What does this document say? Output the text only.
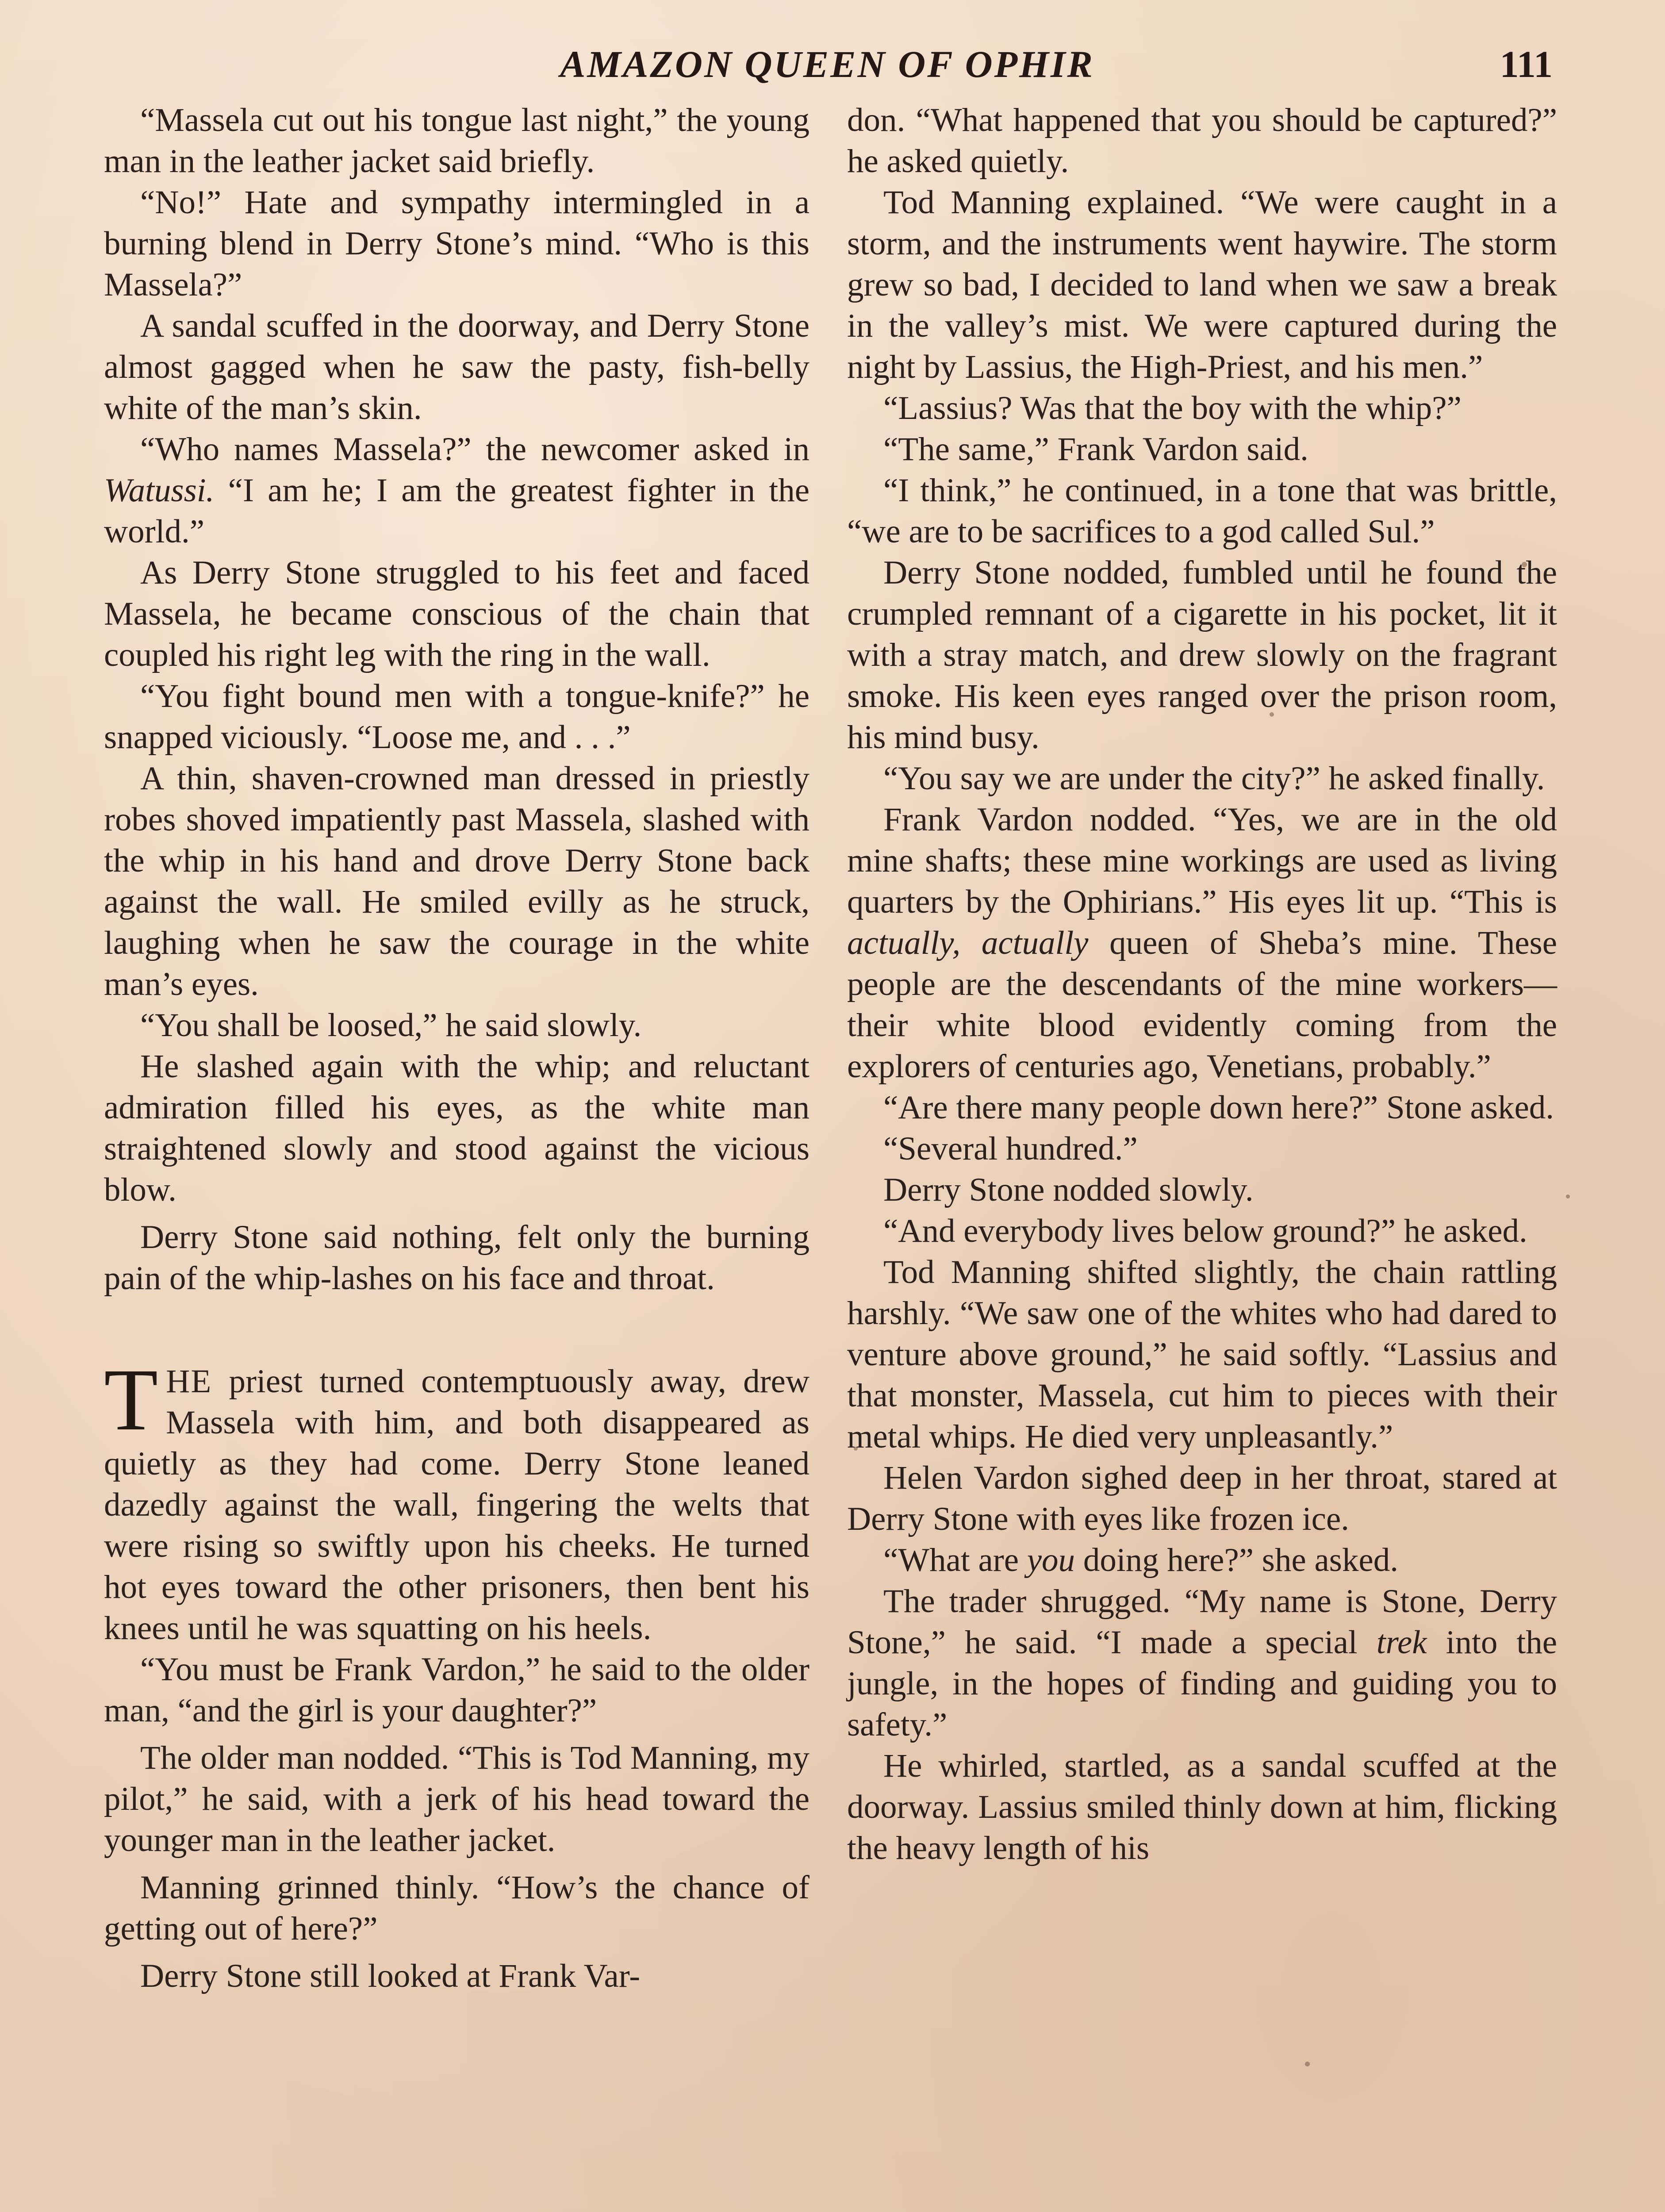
AMAZON QUEEN OF OPHIR	111

“Massela cut out his tongue last night,” the young man in the leather jacket said briefly.

“No!” Hate and sympathy intermingled in a burning blend in Derry Stone’s mind. “Who is this Massela?”

A sandal scuffed in the doorway, and Derry Stone almost gagged when he saw the pasty, fish-belly white of the man’s skin.

“Who names Massela?” the newcomer asked in Watussi. “I am he; I am the greatest fighter in the world.”

As Derry Stone struggled to his feet and faced Massela, he became conscious of the chain that coupled his right leg with the ring in the wall.

“You fight bound men with a tongue-knife?” he snapped viciously. “Loose me, and . . .”

A thin, shaven-crowned man dressed in priestly robes shoved impatiently past Massela, slashed with the whip in his hand and drove Derry Stone back against the wall. He smiled evilly as he struck, laughing when he saw the courage in the white man’s eyes.

“You shall be loosed,” he said slowly.

He slashed again with the whip; and reluctant admiration filled his eyes, as the white man straightened slowly and stood against the vicious blow.

Derry Stone said nothing, felt only the burning pain of the whip-lashes on his face and throat.

THE priest turned contemptuously away, drew Massela with him, and both disappeared as quietly as they had come. Derry Stone leaned dazedly against the wall, fingering the welts that were rising so swiftly upon his cheeks. He turned hot eyes toward the other prisoners, then bent his knees until he was squatting on his heels.

“You must be Frank Vardon,” he said to the older man, “and the girl is your daughter?”

The older man nodded. “This is Tod Manning, my pilot,” he said, with a jerk of his head toward the younger man in the leather jacket.

Manning grinned thinly. “How’s the chance of getting out of here?”

Derry Stone still looked at Frank Var-

don. “What happened that you should be captured?” he asked quietly.

Tod Manning explained. “We were caught in a storm, and the instruments went haywire. The storm grew so bad, I decided to land when we saw a break in the valley’s mist. We were captured during the night by Lassius, the High-Priest, and his men.”

“Lassius? Was that the boy with the whip?”

“The same,” Frank Vardon said.

“I think,” he continued, in a tone that was brittle, “we are to be sacrifices to a god called Sul.”

Derry Stone nodded, fumbled until he found the crumpled remnant of a cigarette in his pocket, lit it with a stray match, and drew slowly on the fragrant smoke. His keen eyes ranged over the prison room, his mind busy.

“You say we are under the city?” he asked finally.

Frank Vardon nodded. “Yes, we are in the old mine shafts; these mine workings are used as living quarters by the Ophirians.” His eyes lit up. “This is actually, actually queen of Sheba’s mine. These people are the descendants of the mine workers—their white blood evidently coming from the explorers of centuries ago, Venetians, probably.”

“Are there many people down here?” Stone asked.

“Several hundred.”

Derry Stone nodded slowly.

“And everybody lives below ground?” he asked.

Tod Manning shifted slightly, the chain rattling harshly. “We saw one of the whites who had dared to venture above ground,” he said softly. “Lassius and that monster, Massela, cut him to pieces with their metal whips. He died very unpleasantly.”

Helen Vardon sighed deep in her throat, stared at Derry Stone with eyes like frozen ice.

“What are you doing here?” she asked.

The trader shrugged. “My name is Stone, Derry Stone,” he said. “I made a special trek into the jungle, in the hopes of finding and guiding you to safety.”

He whirled, startled, as a sandal scuffed at the doorway. Lassius smiled thinly down at him, flicking the heavy length of his
